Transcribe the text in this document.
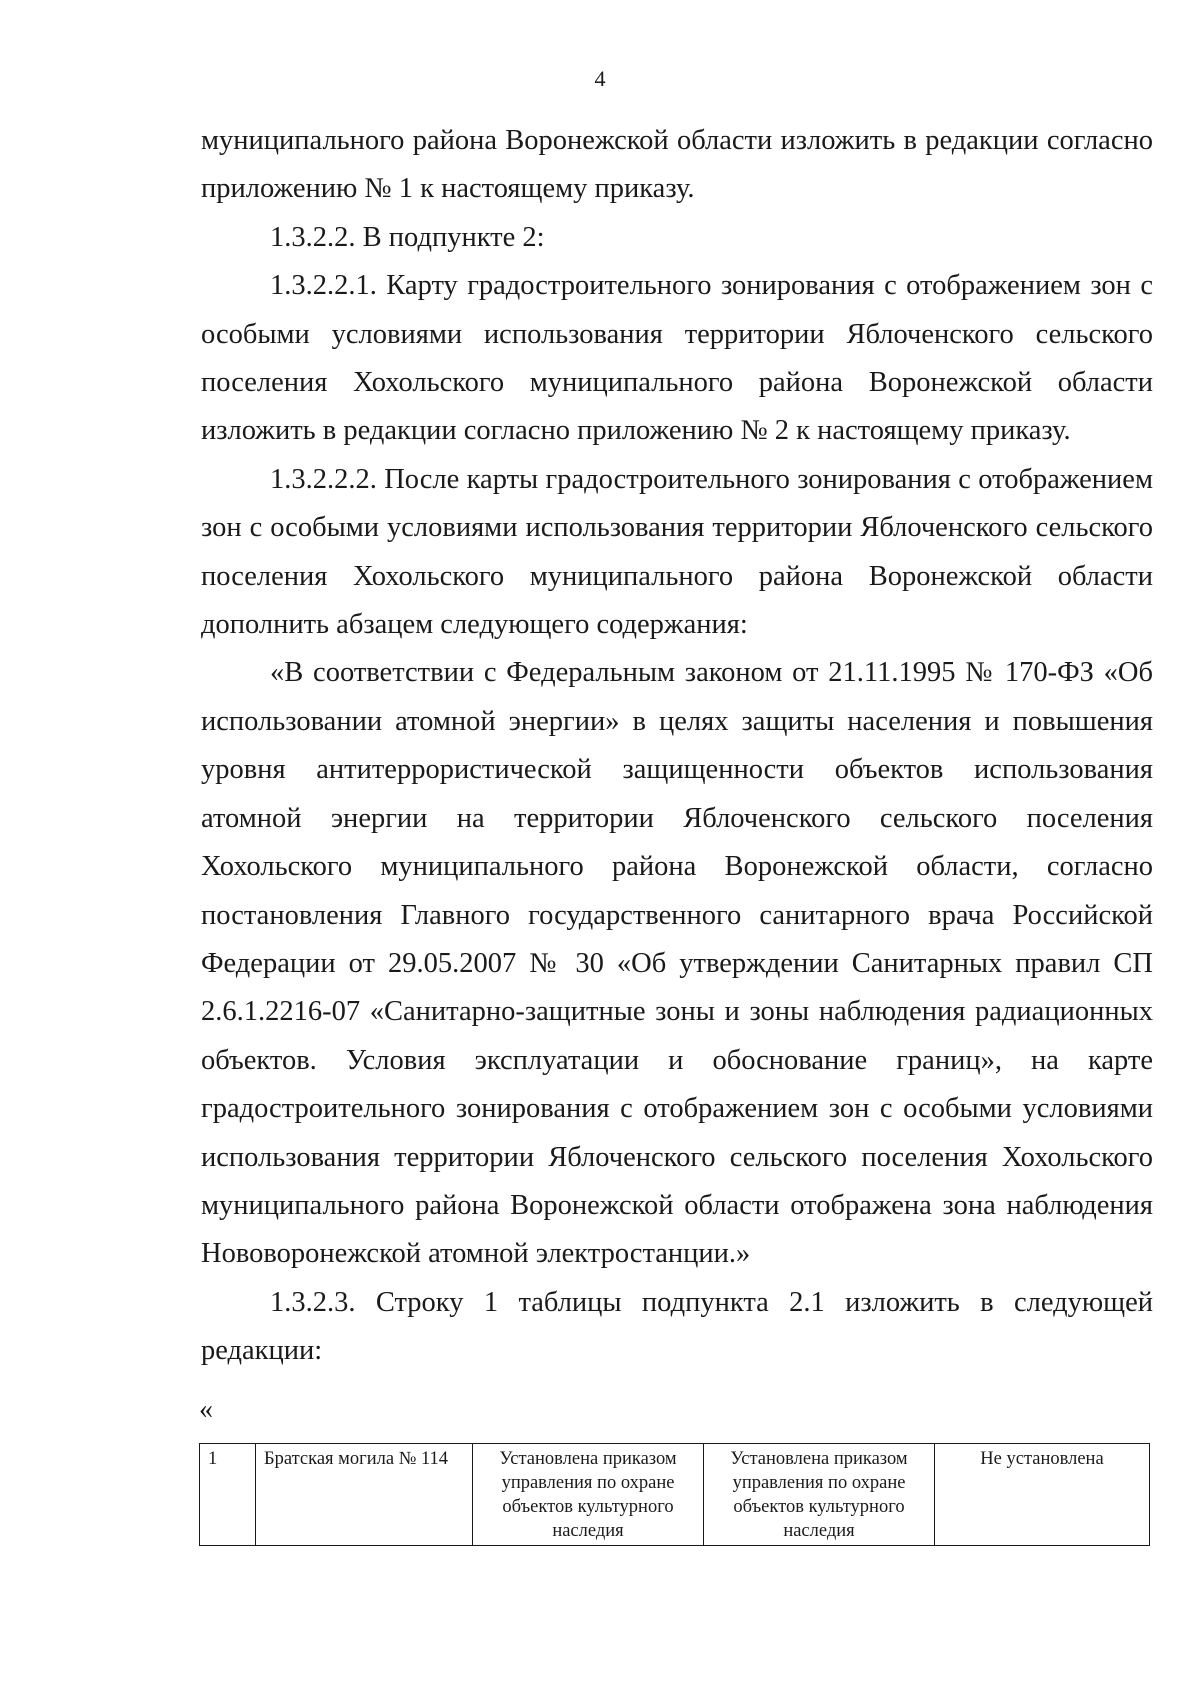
4

муниципального района Воронежской области изложить в редакции согласно приложению № 1 к настоящему приказу.

1.3.2.2. В подпункте 2:

1.3.2.2.1. Карту градостроительного зонирования с отображением зон с особыми условиями использования территории Яблоченского сельского поселения Хохольского муниципального района Воронежской области изложить в редакции согласно приложению № 2 к настоящему приказу.

1.3.2.2.2. После карты градостроительного зонирования с отображением зон с особыми условиями использования территории Яблоченского сельского поселения Хохольского муниципального района Воронежской области дополнить абзацем следующего содержания:

«В соответствии с Федеральным законом от 21.11.1995 № 170-ФЗ «Об использовании атомной энергии» в целях защиты населения и повышения уровня антитеррористической защищенности объектов использования атомной энергии на территории Яблоченского сельского поселения Хохольского муниципального района Воронежской области, согласно постановления Главного государственного санитарного врача Российской Федерации от 29.05.2007 № 30 «Об утверждении Санитарных правил СП 2.6.1.2216-07 «Санитарно-защитные зоны и зоны наблюдения радиационных объектов. Условия эксплуатации и обоснование границ», на карте градостроительного зонирования с отображением зон с особыми условиями использования территории Яблоченского сельского поселения Хохольского муниципального района Воронежской области отображена зона наблюдения Нововоронежской атомной электростанции.»

1.3.2.3. Строку 1 таблицы подпункта 2.1 изложить в следующей редакции:

«
1	Братская могила № 114	Установлена приказом управления по охране объектов культурного наследия	Установлена приказом управления по охране объектов культурного наследия	Не установлена
